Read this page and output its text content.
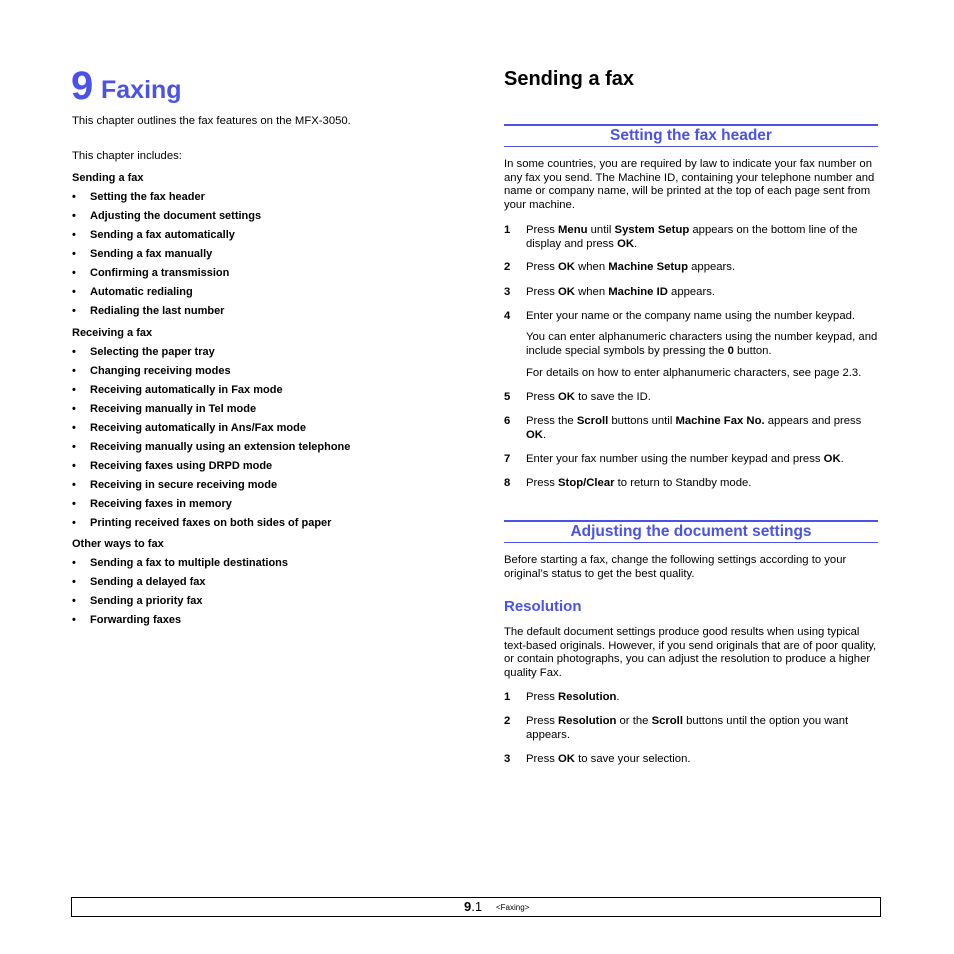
9 Faxing
This chapter outlines the fax features on the MFX-3050.
This chapter includes:
Sending a fax
• Setting the fax header
• Adjusting the document settings
• Sending a fax automatically
• Sending a fax manually
• Confirming a transmission
• Automatic redialing
• Redialing the last number
Receiving a fax
• Selecting the paper tray
• Changing receiving modes
• Receiving automatically in Fax mode
• Receiving manually in Tel mode
• Receiving automatically in Ans/Fax mode
• Receiving manually using an extension telephone
• Receiving faxes using DRPD mode
• Receiving in secure receiving mode
• Receiving faxes in memory
• Printing received faxes on both sides of paper
Other ways to fax
• Sending a fax to multiple destinations
• Sending a delayed fax
• Sending a priority fax
• Forwarding faxes
Sending a fax
Setting the fax header
In some countries, you are required by law to indicate your fax number on any fax you send. The Machine ID, containing your telephone number and name or company name, will be printed at the top of each page sent from your machine.
1 Press Menu until System Setup appears on the bottom line of the display and press OK.
2 Press OK when Machine Setup appears.
3 Press OK when Machine ID appears.
4 Enter your name or the company name using the number keypad.
You can enter alphanumeric characters using the number keypad, and include special symbols by pressing the 0 button.
For details on how to enter alphanumeric characters, see page 2.3.
5 Press OK to save the ID.
6 Press the Scroll buttons until Machine Fax No. appears and press OK.
7 Enter your fax number using the number keypad and press OK.
8 Press Stop/Clear to return to Standby mode.
Adjusting the document settings
Before starting a fax, change the following settings according to your original’s status to get the best quality.
Resolution
The default document settings produce good results when using typical text-based originals. However, if you send originals that are of poor quality, or contain photographs, you can adjust the resolution to produce a higher quality Fax.
1 Press Resolution.
2 Press Resolution or the Scroll buttons until the option you want appears.
3 Press OK to save your selection.
9.1 <Faxing>
